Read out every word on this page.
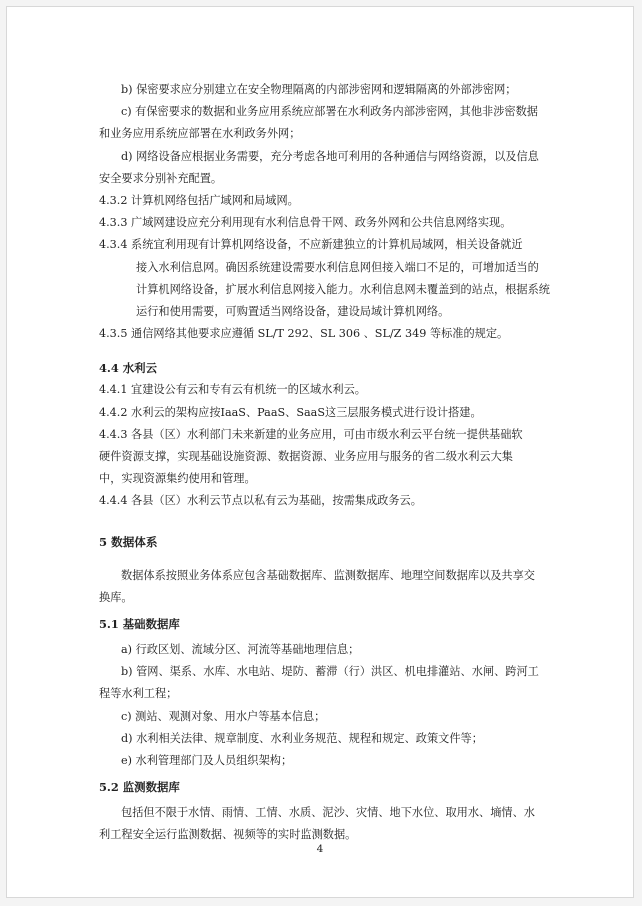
b) 保密要求应分别建立在安全物理隔离的内部涉密网和逻辑隔离的外部涉密网；

c) 有保密要求的数据和业务应用系统应部署在水利政务内部涉密网，其他非涉密数据

和业务应用系统应部署在水利政务外网；

d) 网络设备应根据业务需要，充分考虑各地可利用的各种通信与网络资源，以及信息

安全要求分别补充配置。

4.3.2 计算机网络包括广域网和局域网。

4.3.3 广域网建设应充分利用现有水利信息骨干网、政务外网和公共信息网络实现。

4.3.4 系统宜利用现有计算机网络设备，不应新建独立的计算机局域网，相关设备就近

接入水利信息网。确因系统建设需要水利信息网但接入端口不足的，可增加适当的

计算机网络设备，扩展水利信息网接入能力。水利信息网未覆盖到的站点，根据系统

运行和使用需要，可购置适当网络设备，建设局域计算机网络。

4.3.5 通信网络其他要求应遵循 SL/T 292、SL 306 、SL/Z 349 等标准的规定。

4.4 水利云

4.4.1 宜建设公有云和专有云有机统一的区域水利云。

4.4.2 水利云的架构应按IaaS、PaaS、SaaS这三层服务模式进行设计搭建。

4.4.3 各县（区）水利部门未来新建的业务应用，可由市级水利云平台统一提供基础软

硬件资源支撑，实现基础设施资源、数据资源、业务应用与服务的省二级水利云大集

中，实现资源集约使用和管理。

4.4.4 各县（区）水利云节点以私有云为基础，按需集成政务云。

5 数据体系

数据体系按照业务体系应包含基础数据库、监测数据库、地理空间数据库以及共享交

换库。

5.1 基础数据库

a) 行政区划、流域分区、河流等基础地理信息；

b) 管网、渠系、水库、水电站、堤防、蓄滞（行）洪区、机电排灌站、水闸、跨河工

程等水利工程；

c) 测站、观测对象、用水户等基本信息；

d) 水利相关法律、规章制度、水利业务规范、规程和规定、政策文件等；

e) 水利管理部门及人员组织架构；

5.2 监测数据库

包括但不限于水情、雨情、工情、水质、泥沙、灾情、地下水位、取用水、墒情、水

利工程安全运行监测数据、视频等的实时监测数据。

4
